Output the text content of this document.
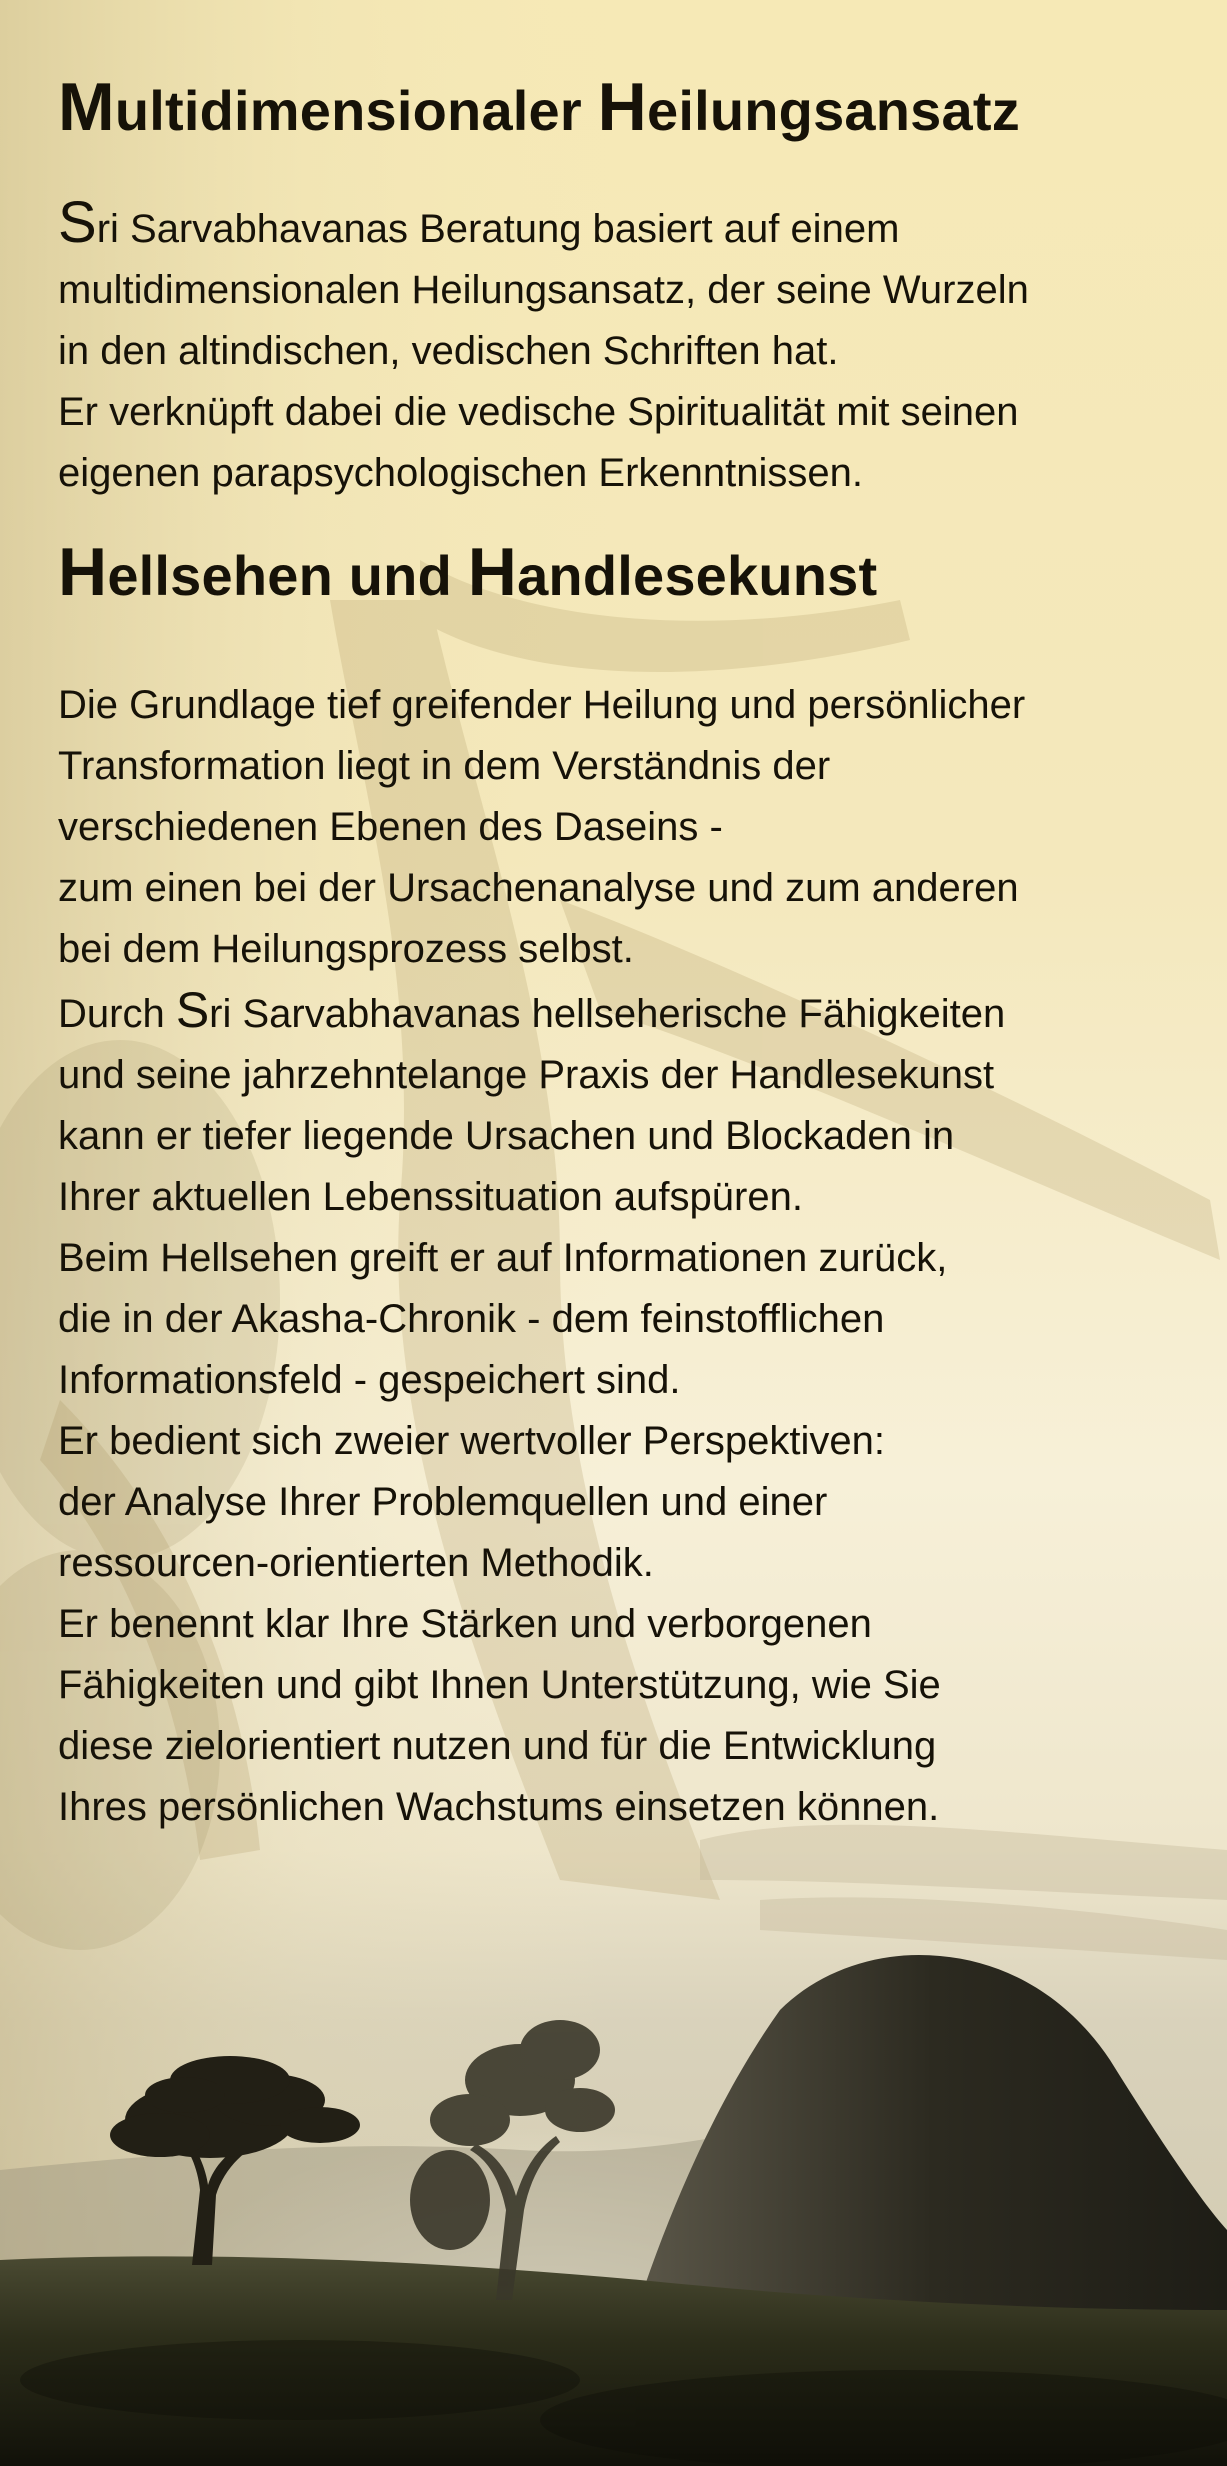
Multidimensionaler Heilungsansatz

Sri Sarvabhavanas Beratung basiert auf einem
multidimensionalen Heilungsansatz, der seine Wurzeln
in den altindischen, vedischen Schriften hat.
Er verknüpft dabei die vedische Spiritualität mit seinen
eigenen parapsychologischen Erkenntnissen.

Hellsehen und Handlesekunst

Die Grundlage tief greifender Heilung und persönlicher
Transformation liegt in dem Verständnis der
verschiedenen Ebenen des Daseins -
zum einen bei der Ursachenanalyse und zum anderen
bei dem Heilungsprozess selbst.
Durch Sri Sarvabhavanas hellseherische Fähigkeiten
und seine jahrzehntelange Praxis der Handlesekunst
kann er tiefer liegende Ursachen und Blockaden in
Ihrer aktuellen Lebenssituation aufspüren.
Beim Hellsehen greift er auf Informationen zurück,
die in der Akasha-Chronik - dem feinstofflichen
Informationsfeld - gespeichert sind.
Er bedient sich zweier wertvoller Perspektiven:
der Analyse Ihrer Problemquellen und einer
ressourcen-orientierten Methodik.
Er benennt klar Ihre Stärken und verborgenen
Fähigkeiten und gibt Ihnen Unterstützung, wie Sie
diese zielorientiert nutzen und für die Entwicklung
Ihres persönlichen Wachstums einsetzen können.
